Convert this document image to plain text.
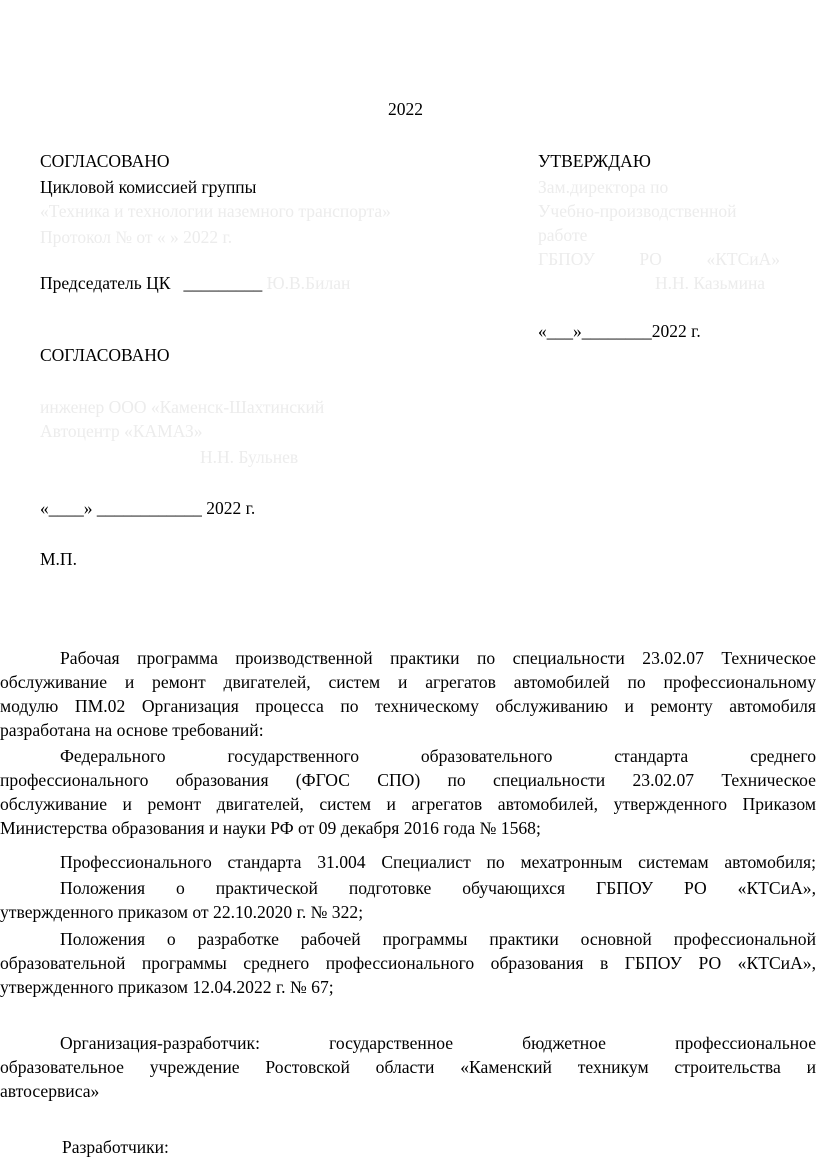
2022
СОГЛАСОВАНО
Цикловой комиссией группы
«Техника и технологии наземного транспорта»
Протокол № от « » 2022 г.
Председатель ЦК _________ Ю.В.Билан
СОГЛАСОВАНО
инженер ООО «Каменск-Шахтинский
Автоцентр «КАМАЗ»
Н.Н. Бульнев
«____» ____________ 2022 г.
М.П.
УТВЕРЖДАЮ
Зам.директора по
Учебно-производственной
работе
ГБПОУ	РО	«КТСиА»
Н.Н. Казьмина
«___»________2022 г.
Рабочая программа производственной практики по специальности 23.02.07 Техническое
обслуживание и ремонт двигателей, систем и агрегатов автомобилей по профессиональному
модулю ПМ.02 Организация процесса по техническому обслуживанию и ремонту автомобиля
разработана на основе требований:
Федерального государственного образовательного стандарта среднего
профессионального образования (ФГОС СПО) по специальности 23.02.07 Техническое
обслуживание и ремонт двигателей, систем и агрегатов автомобилей, утвержденного Приказом
Министерства образования и науки РФ от 09 декабря 2016 года № 1568;
Профессионального стандарта 31.004 Специалист по мехатронным системам автомобиля;
Положения о практической подготовке обучающихся ГБПОУ РО «КТСиА»,
утвержденного приказом от 22.10.2020 г. № 322;
Положения о разработке рабочей программы практики основной профессиональной
образовательной программы среднего профессионального образования в ГБПОУ РО «КТСиА»,
утвержденного приказом 12.04.2022 г. № 67;
Организация-разработчик: государственное бюджетное профессиональное
образовательное учреждение Ростовской области «Каменский техникум строительства и
автосервиса»
Разработчики:
